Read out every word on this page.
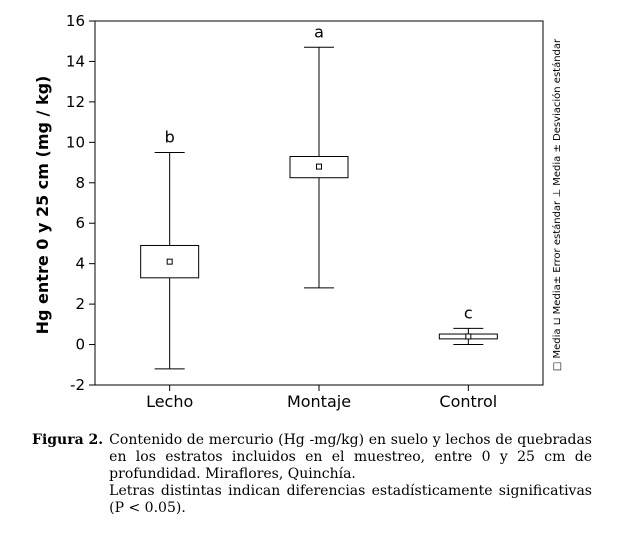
-2
0
2
4
6
8
10
12
14
16
Lecho	Montaje	Control
b
a
c
Hg entre 0 y 25 cm (mg / kg)	□ Media ⊔ Media± Error estándar ⊥ Media ± Desviación estándar
Figura 2. Contenido de mercurio (Hg -mg/kg) en suelo y lechos de quebradas en los estratos incluidos en el muestreo, entre 0 y 25 cm de profundidad. Miraflores, Quinchía.
Letras distintas indican diferencias estadísticamente significativas (P < 0.05).
